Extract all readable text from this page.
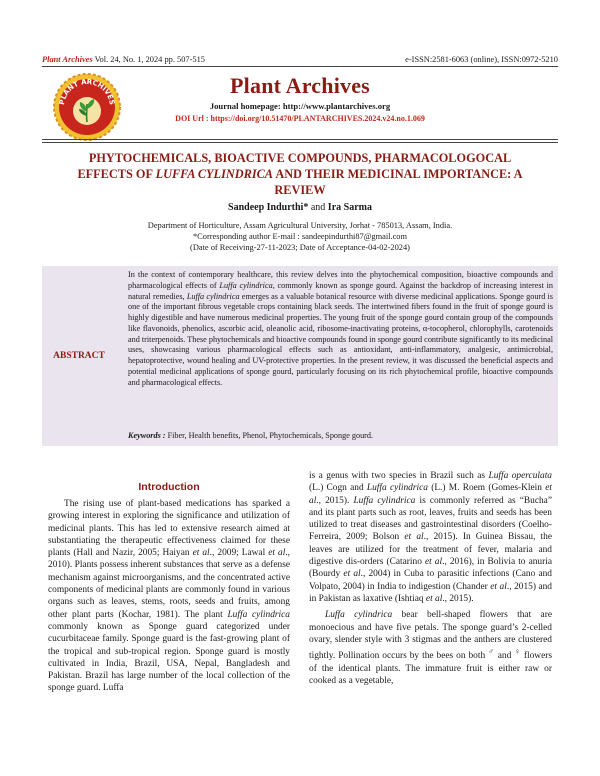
Plant Archives Vol. 24, No. 1, 2024 pp. 507-515	e-ISSN:2581-6063 (online), ISSN:0972-5210
PLANT ARCHIVES
Plant Archives
Journal homepage: http://www.plantarchives.org
DOI Url : https://doi.org/10.51470/PLANTARCHIVES.2024.v24.no.1.069
PHYTOCHEMICALS, BIOACTIVE COMPOUNDS, PHARMACOLOGOCAL EFFECTS OF LUFFA CYLINDRICA AND THEIR MEDICINAL IMPORTANCE: A REVIEW
Sandeep Indurthi* and Ira Sarma
Department of Horticulture, Assam Agricultural University, Jorhat - 785013, Assam, India.
*Corresponding author E-mail : sandeepindurthi87@gmail.com
(Date of Receiving-27-11-2023; Date of Acceptance-04-02-2024)
ABSTRACT
In the context of contemporary healthcare, this review delves into the phytochemical composition, bioactive compounds and pharmacological effects of Luffa cylindrica, commonly known as sponge gourd. Against the backdrop of increasing interest in natural remedies, Luffa cylindrica emerges as a valuable botanical resource with diverse medicinal applications. Sponge gourd is one of the important fibrous vegetable crops containing black seeds. The intertwined fibers found in the fruit of sponge gourd is highly digestible and have numerous medicinal properties. The young fruit of the sponge gourd contain group of the compounds like flavonoids, phenolics, ascorbic acid, oleanolic acid, ribosome-inactivating proteins, α-tocopherol, chlorophylls, carotenoids and triterpenoids. These phytochemicals and bioactive compounds found in sponge gourd contribute significantly to its medicinal uses, showcasing various pharmacological effects such as antioxidant, anti-inflammatory, analgesic, antimicrobial, hepatoprotective, wound healing and UV-protective properties. In the present review, it was discussed the beneficial aspects and potential medicinal applications of sponge gourd, particularly focusing on its rich phytochemical profile, bioactive compounds and pharmacological effects.
Keywords : Fiber, Health benefits, Phenol, Phytochemicals, Sponge gourd.
Introduction

The rising use of plant-based medications has sparked a growing interest in exploring the significance and utilization of medicinal plants. This has led to extensive research aimed at substantiating the therapeutic effectiveness claimed for these plants (Hall and Nazir, 2005; Haiyan et al., 2009; Lawal et al., 2010). Plants possess inherent substances that serve as a defense mechanism against microorganisms, and the concentrated active components of medicinal plants are commonly found in various organs such as leaves, stems, roots, seeds and fruits, among other plant parts (Kochar, 1981). The plant Luffa cylindrica commonly known as Sponge guard categorized under cucurbitaceae family. Sponge guard is the fast-growing plant of the tropical and sub-tropical region. Sponge guard is mostly cultivated in India, Brazil, USA, Nepal, Bangladesh and Pakistan. Brazil has large number of the local collection of the sponge guard. Luffa

is a genus with two species in Brazil such as Luffa operculata (L.) Cogn and Luffa cylindrica (L.) M. Roem (Gomes-Klein et al., 2015). Luffa cylindrica is commonly referred as “Bucha” and its plant parts such as root, leaves, fruits and seeds has been utilized to treat diseases and gastrointestinal disorders (Coelho-Ferreira, 2009; Bolson et al., 2015). In Guinea Bissau, the leaves are utilized for the treatment of fever, malaria and digestive dis-orders (Catarino et al., 2016), in Bolivia to anuria (Bourdy et al., 2004) in Cuba to parasitic infections (Cano and Volpato, 2004) in India to indigestion (Chander et al., 2015) and in Pakistan as laxative (Ishtiaq et al., 2015).

Luffa cylindrica bear bell-shaped flowers that are monoecious and have five petals. The sponge guard’s 2-celled ovary, slender style with 3 stigmas and the anthers are clustered tightly. Pollination occurs by the bees on both ♂ and ♀ flowers of the identical plants. The immature fruit is either raw or cooked as a vegetable,
